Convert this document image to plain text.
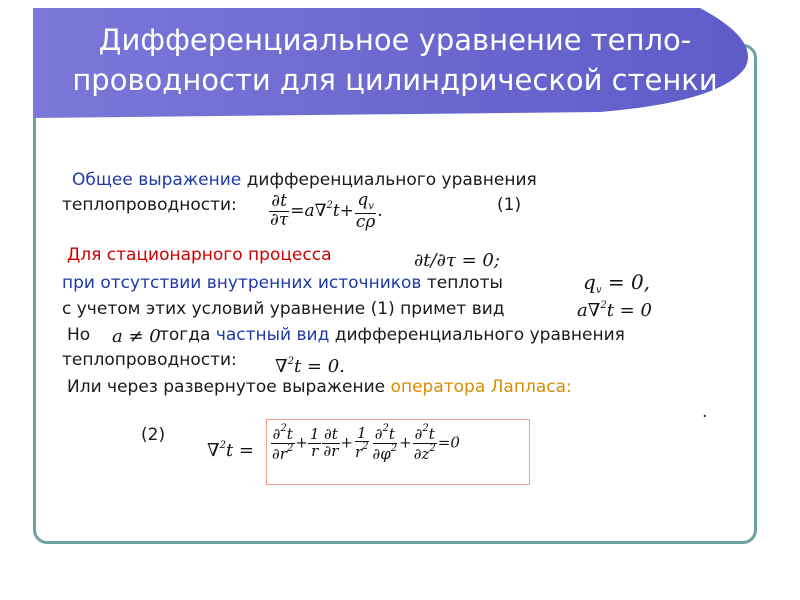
Дифференциальное уравнение тепло-
проводности для цилиндрической стенки
Общее выражение дифференциального уравнения
теплопроводности: $\frac{\partial t}{\partial\tau} =a\nabla^2t+ \frac{q_v}{c\rho}$ .	(1)
Для стационарного процесса	∂t/∂τ = 0;
при отсутствии внутренних источников теплоты	$q_v = 0$,
с учетом этих условий уравнение (1) примет вид	a∇$^2$t = 0
Но a ≠ 0
тогда частный вид дифференциального уравнения
теплопроводности: ∇$^2$t = 0.
Или через развернутое выражение оператора Лапласа:
.
(2)
$\nabla^2t = \frac{\partial^2t}{\partial r^2} + \frac{1}{r} \frac{\partial t}{\partial r} + \frac{1}{r^2} \frac{\partial^2t}{\partial\varphi^2} + \frac{\partial^2t}{\partial z^2} =0$
